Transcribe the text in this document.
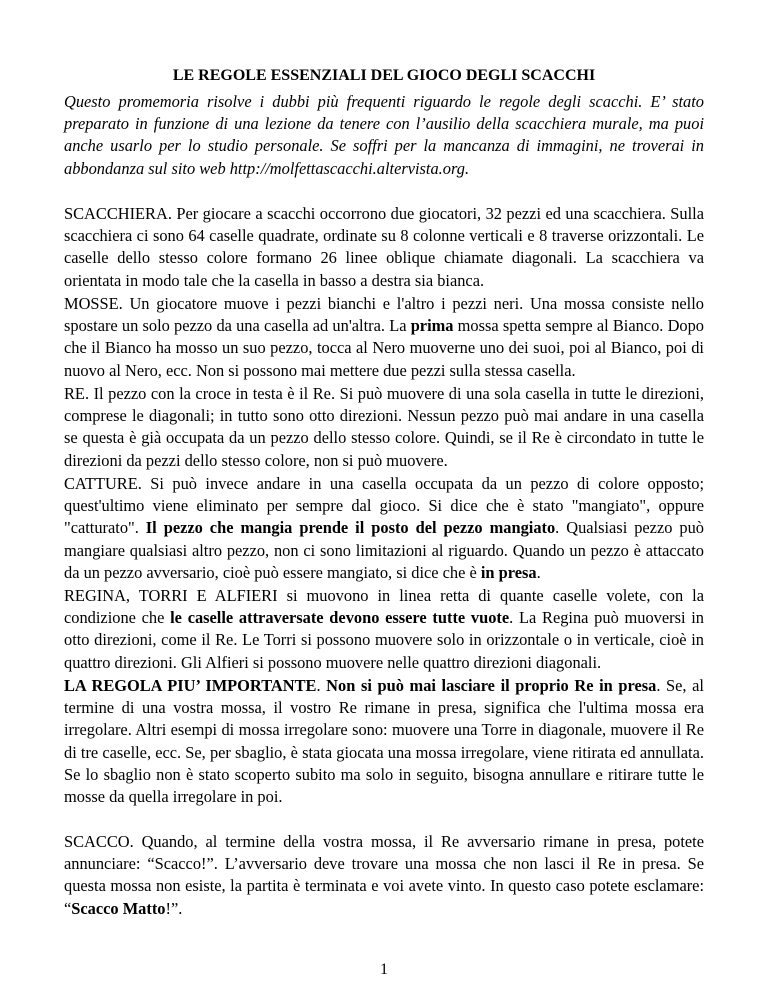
LE REGOLE ESSENZIALI DEL GIOCO DEGLI SCACCHI

Questo promemoria risolve i dubbi più frequenti riguardo le regole degli scacchi. E’ stato preparato in funzione di una lezione da tenere con l’ausilio della scacchiera murale, ma puoi anche usarlo per lo studio personale. Se soffri per la mancanza di immagini, ne troverai in abbondanza sul sito web http://molfettascacchi.altervista.org.

SCACCHIERA. Per giocare a scacchi occorrono due giocatori, 32 pezzi ed una scacchiera. Sulla scacchiera ci sono 64 caselle quadrate, ordinate su 8 colonne verticali e 8 traverse orizzontali. Le caselle dello stesso colore formano 26 linee oblique chiamate diagonali. La scacchiera va orientata in modo tale che la casella in basso a destra sia bianca.

MOSSE. Un giocatore muove i pezzi bianchi e l'altro i pezzi neri. Una mossa consiste nello spostare un solo pezzo da una casella ad un'altra. La prima mossa spetta sempre al Bianco. Dopo che il Bianco ha mosso un suo pezzo, tocca al Nero muoverne uno dei suoi, poi al Bianco, poi di nuovo al Nero, ecc. Non si possono mai mettere due pezzi sulla stessa casella.

RE. Il pezzo con la croce in testa è il Re. Si può muovere di una sola casella in tutte le direzioni, comprese le diagonali; in tutto sono otto direzioni. Nessun pezzo può mai andare in una casella se questa è già occupata da un pezzo dello stesso colore. Quindi, se il Re è circondato in tutte le direzioni da pezzi dello stesso colore, non si può muovere.

CATTURE. Si può invece andare in una casella occupata da un pezzo di colore opposto; quest'ultimo viene eliminato per sempre dal gioco. Si dice che è stato "mangiato", oppure "catturato". Il pezzo che mangia prende il posto del pezzo mangiato. Qualsiasi pezzo può mangiare qualsiasi altro pezzo, non ci sono limitazioni al riguardo. Quando un pezzo è attaccato da un pezzo avversario, cioè può essere mangiato, si dice che è in presa.

REGINA, TORRI E ALFIERI si muovono in linea retta di quante caselle volete, con la condizione che le caselle attraversate devono essere tutte vuote. La Regina può muoversi in otto direzioni, come il Re. Le Torri si possono muovere solo in orizzontale o in verticale, cioè in quattro direzioni. Gli Alfieri si possono muovere nelle quattro direzioni diagonali.

LA REGOLA PIU’ IMPORTANTE. Non si può mai lasciare il proprio Re in presa. Se, al termine di una vostra mossa, il vostro Re rimane in presa, significa che l'ultima mossa era irregolare. Altri esempi di mossa irregolare sono: muovere una Torre in diagonale, muovere il Re di tre caselle, ecc. Se, per sbaglio, è stata giocata una mossa irregolare, viene ritirata ed annullata. Se lo sbaglio non è stato scoperto subito ma solo in seguito, bisogna annullare e ritirare tutte le mosse da quella irregolare in poi.

SCACCO. Quando, al termine della vostra mossa, il Re avversario rimane in presa, potete annunciare: “Scacco!”. L’avversario deve trovare una mossa che non lasci il Re in presa. Se questa mossa non esiste, la partita è terminata e voi avete vinto. In questo caso potete esclamare: “Scacco Matto!”.

1
